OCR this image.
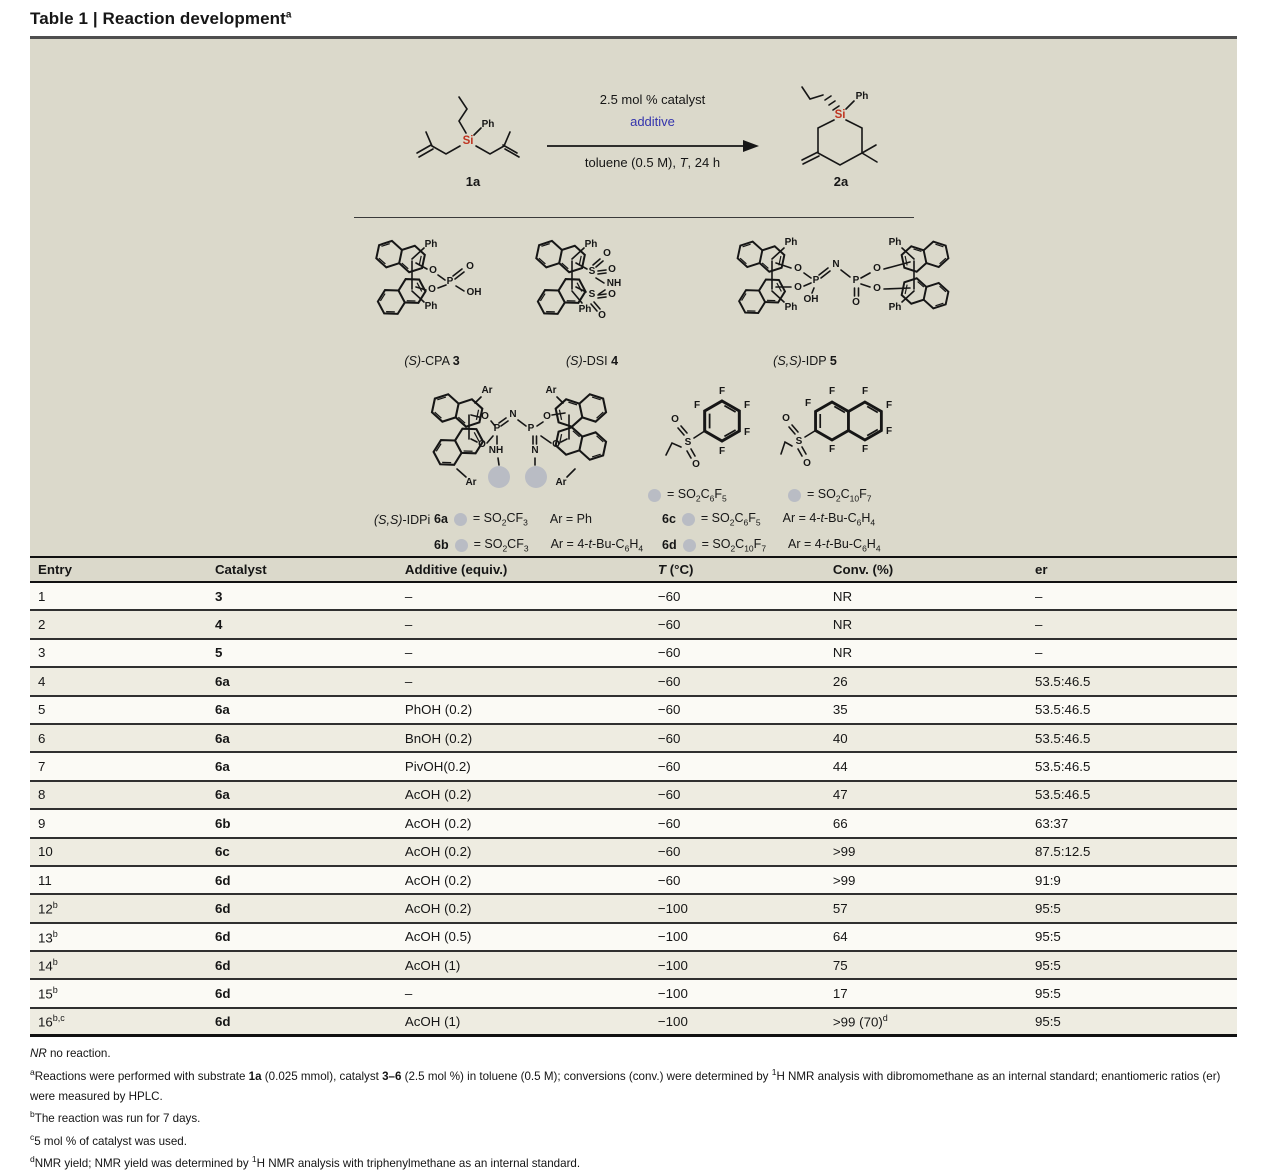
Table 1 | Reaction development$^a$
Si
Ph
1a
2.5 mol % catalyst
additive
toluene (0.5 M), T, 24 h
Si
Ph
2a
Ph
O
P
O
OH
O
Ph
(S)-CPA 3
Ph
S
O
O
NH
S O
O
Ph
(S)-DSI 4
Ph
Ph
Ph
Ph
O
O
P
OH
N
P
O
O
O
(S,S)-IDP 5
Ar	Ar
Ar	Ar
O
P
N
P
O
O	O
NH	N
F
F
F
F
F
S
O
O
= $SO_2C_6F_5$
F	F
F
F
F
F
F
S
O
O
= $SO_2C_{10}F_7$
(S,S)-IDPi $6a = SO_2CF_3$ Ar = Ph
$6b = SO_2CF_3$ $Ar = 4-t-Bu-C_6H_4$
$6c = SO_2C_6F_5$ $Ar = 4-t-Bu-C_6H_4$
$6d = SO_2C_{10}F_7$ $Ar = 4-t-Bu-C_6H_4$
Entry	Catalyst	Additive (equiv.)	T (°C)	Conv. (%)	er
1	3	–	−60	NR	–
2	4	–	−60	NR	–
3	5	–	−60	NR	–
4	6a	–	−60	26	53.5:46.5
5	6a	PhOH (0.2)	−60	35	53.5:46.5
6	6a	BnOH (0.2)	−60	40	53.5:46.5
7	6a	PivOH(0.2)	−60	44	53.5:46.5
8	6a	AcOH (0.2)	−60	47	53.5:46.5
9	6b	AcOH (0.2)	−60	66	63:37
10	6c	AcOH (0.2)	−60	>99	87.5:12.5
11	6d	AcOH (0.2)	−60	>99	91:9
12$^b$	6d	AcOH (0.2)	−100	57	95:5
13$^b$	6d	AcOH (0.5)	−100	64	95:5
14$^b$	6d	AcOH (1)	−100	75	95:5
15$^b$	6d	–	−100	17	95:5
16$^{b,c}$	6d	AcOH (1)	−100	>99 $(70)^d$	95:5
NR no reaction.
$^a$Reactions were performed with substrate 1a (0.025 mmol), catalyst 3–6 (2.5 mol %) in toluene (0.5 M); conversions (conv.) were determined by $^1$H NMR analysis with dibromomethane as an internal standard; enantiomeric ratios (er) were measured by HPLC.
$^b$The reaction was run for 7 days.
$^c$5 mol % of catalyst was used.
$^d$NMR yield; NMR yield was determined by $^1$H NMR analysis with triphenylmethane as an internal standard.
